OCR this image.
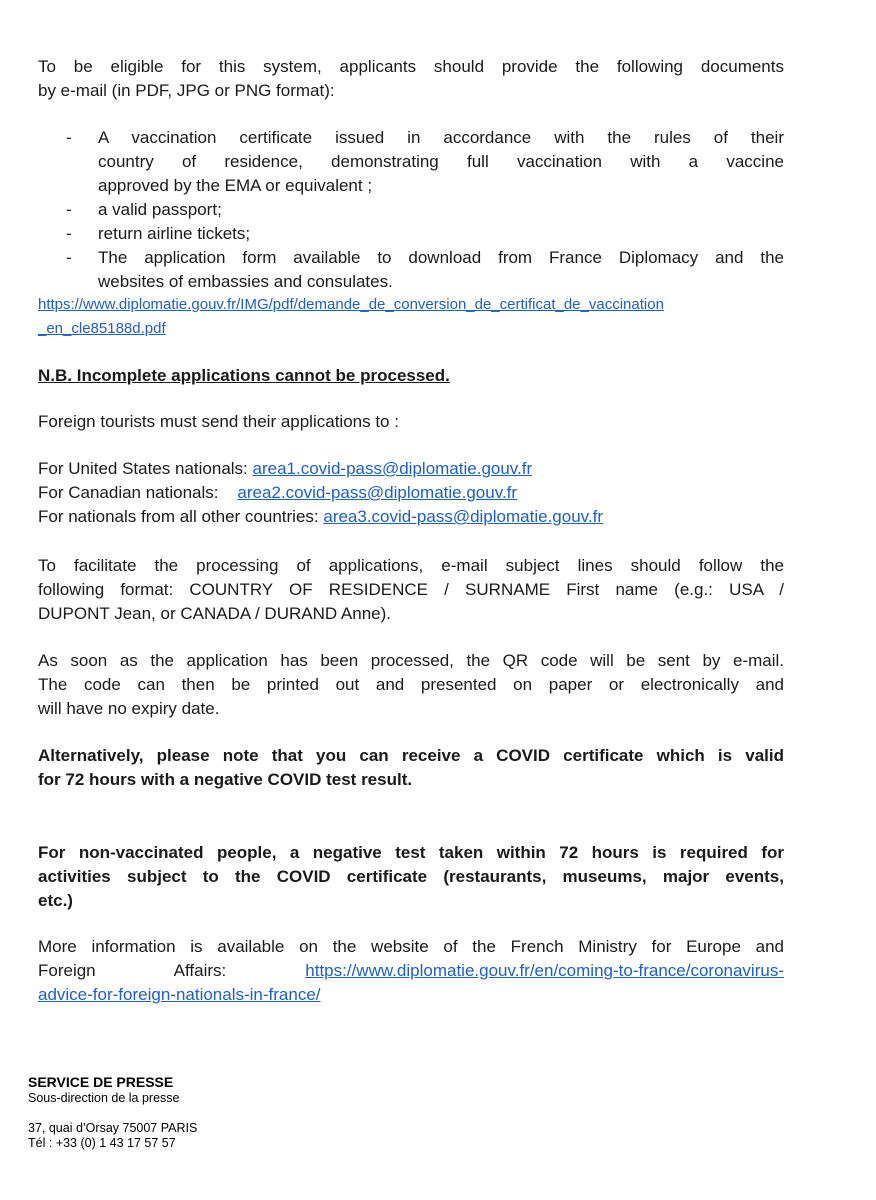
To be eligible for this system, applicants should provide the following documents
by e-mail (in PDF, JPG or PNG format):
- A vaccination certificate issued in accordance with the rules of their
country of residence, demonstrating full vaccination with a vaccine
approved by the EMA or equivalent ;
- a valid passport;
- return airline tickets;
- The application form available to download from France Diplomacy and the
websites of embassies and consulates.
https://www.diplomatie.gouv.fr/IMG/pdf/demande_de_conversion_de_certificat_de_vaccination
_en_cle85188d.pdf
N.B. Incomplete applications cannot be processed.
Foreign tourists must send their applications to :
For United States nationals: area1.covid-pass@diplomatie.gouv.fr
For Canadian nationals: area2.covid-pass@diplomatie.gouv.fr
For nationals from all other countries: area3.covid-pass@diplomatie.gouv.fr
To facilitate the processing of applications, e-mail subject lines should follow the
following format: COUNTRY OF RESIDENCE / SURNAME First name (e.g.: USA /
DUPONT Jean, or CANADA / DURAND Anne).
As soon as the application has been processed, the QR code will be sent by e-mail.
The code can then be printed out and presented on paper or electronically and
will have no expiry date.
Alternatively, please note that you can receive a COVID certificate which is valid
for 72 hours with a negative COVID test result.
For non-vaccinated people, a negative test taken within 72 hours is required for
activities subject to the COVID certificate (restaurants, museums, major events,
etc.)
More information is available on the website of the French Ministry for Europe and
Foreign Affairs:	https://www.diplomatie.gouv.fr/en/coming-to-france/coronavirus-
advice-for-foreign-nationals-in-france/
SERVICE DE PRESSE
Sous-direction de la presse
37, quai d’Orsay 75007 PARIS
Tél : +33 (0) 1 43 17 57 57
